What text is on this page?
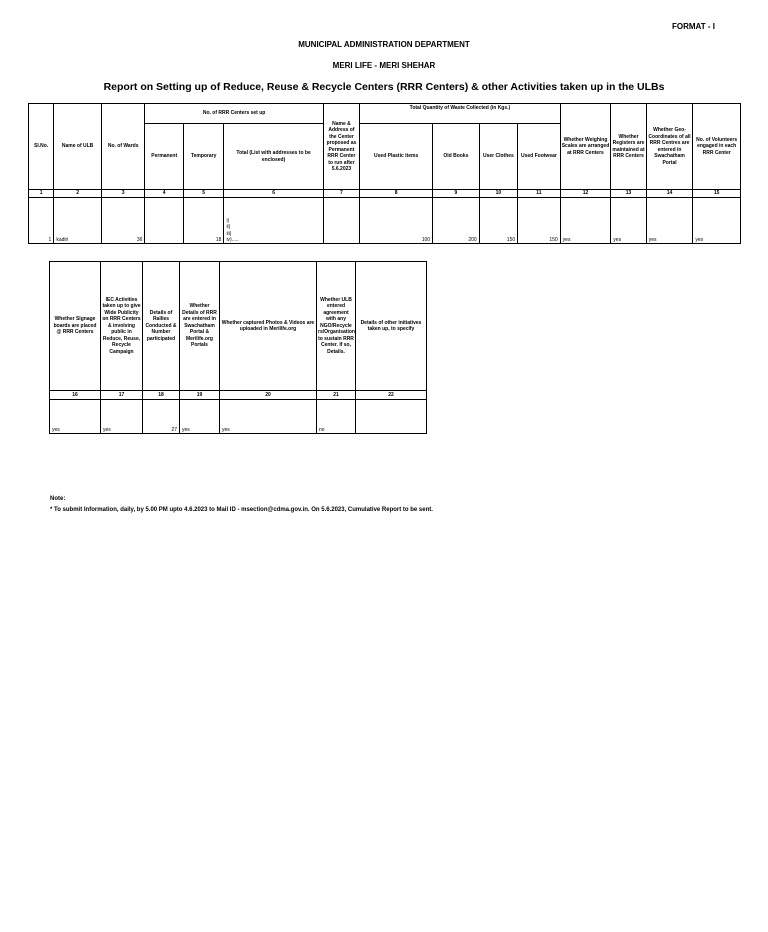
FORMAT - I
MUNICIPAL ADMINISTRATION DEPARTMENT
MERI LIFE - MERI SHEHAR
Report on Setting up of Reduce, Reuse & Recycle Centers (RRR Centers) & other Activities taken up in the ULBs
Sl.No.	Name of ULB	No. of Wards	No. of RRR Centers set up			Name & Address of the Center proposed as Permanent RRR Center to run after 5.6.2023	Total Quantity of Waste Collected (in Kgs.)				Whether Weighing Scales are arranged at RRR Centers	Whether Registers are maintained at RRR Centers	Whether Geo-Coordinates of all RRR Centres are entered in Swachatham Portal	No. of Volunteers engaged in each RRR Center
			Permanent	Temporary	Total (List with addresses to be enclosed)		Used Plastic items	Old Books	User Clothes	Used Footwear				
1	2	3	4	5	6	7	8	9	10	11	12	13	14	15
1	kadiri	36		18	i)
ii)
iii)
iv).....		100	200	150	150	yes	yes	yes	yes
Whether Signage boards are placed @ RRR Centers	IEC Activities taken up to give Wide Publicity on RRR Centers & involving public in Reduce, Reuse, Recycle Campaign	Details of Rallies Conducted & Number participated	Whether Details of RRR are entered in Swachatham Portal & Merilife.org Portals	Whether captured Photos & Videos are uploaded in Merilife.org	Whether ULB entered agreement with any NGO/Recycle rs/Organisation to sustain RRR Center. If so, Details.	Details of other initiatives taken up, to specify
16	17	18	19	20	21	22
yes	yes	27	yes	yes	no	
Note:
* To submit Information, daily, by 5.00 PM upto 4.6.2023 to Mail ID - msection@cdma.gov.in. On 5.6.2023, Cumulative Report to be sent.
